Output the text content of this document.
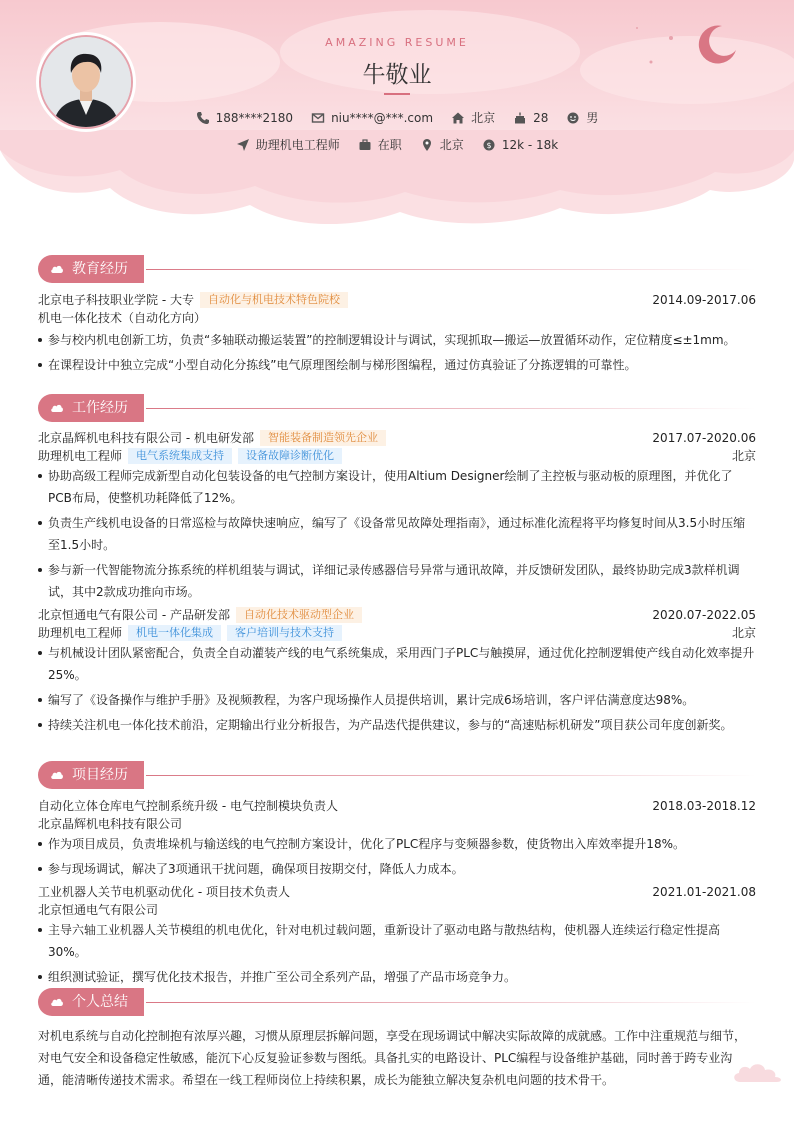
AMAZING RESUME
牛敬业
188****2180	niu****@***.com	北京	28	男
助理机电工程师	在职	北京	$ 12k - 18k
教育经历
北京电子科技职业学院 - 大专	自动化与机电技术特色院校	2014.09-2017.06
机电一体化技术（自动化方向）
参与校内机电创新工坊，负责“多轴联动搬运装置”的控制逻辑设计与调试，实现抓取—搬运—放置循环动作，定位精度≤±1mm。
在课程设计中独立完成“小型自动化分拣线”电气原理图绘制与梯形图编程，通过仿真验证了分拣逻辑的可靠性。
工作经历
北京晶辉机电科技有限公司 - 机电研发部	智能装备制造领先企业	2017.07-2020.06
助理机电工程师	电气系统集成支持	设备故障诊断优化	北京
协助高级工程师完成新型自动化包装设备的电气控制方案设计，使用Altium Designer绘制了主控板与驱动板的原理图，并优化了PCB布局，使整机功耗降低了12%。
负责生产线机电设备的日常巡检与故障快速响应，编写了《设备常见故障处理指南》，通过标准化流程将平均修复时间从3.5小时压缩至1.5小时。
参与新一代智能物流分拣系统的样机组装与调试，详细记录传感器信号异常与通讯故障，并反馈研发团队，最终协助完成3款样机调试，其中2款成功推向市场。
北京恒通电气有限公司 - 产品研发部	自动化技术驱动型企业	2020.07-2022.05
助理机电工程师	机电一体化集成	客户培训与技术支持	北京
与机械设计团队紧密配合，负责全自动灌装产线的电气系统集成，采用西门子PLC与触摸屏，通过优化控制逻辑使产线自动化效率提升25%。
编写了《设备操作与维护手册》及视频教程，为客户现场操作人员提供培训，累计完成6场培训，客户评估满意度达98%。
持续关注机电一体化技术前沿，定期输出行业分析报告，为产品迭代提供建议，参与的“高速贴标机研发”项目获公司年度创新奖。
项目经历
自动化立体仓库电气控制系统升级 - 电气控制模块负责人	2018.03-2018.12
北京晶辉机电科技有限公司
作为项目成员，负责堆垛机与输送线的电气控制方案设计，优化了PLC程序与变频器参数，使货物出入库效率提升18%。
参与现场调试，解决了3项通讯干扰问题，确保项目按期交付，降低人力成本。
工业机器人关节电机驱动优化 - 项目技术负责人	2021.01-2021.08
北京恒通电气有限公司
主导六轴工业机器人关节模组的机电优化，针对电机过载问题，重新设计了驱动电路与散热结构，使机器人连续运行稳定性提高30%。
组织测试验证，撰写优化技术报告，并推广至公司全系列产品，增强了产品市场竞争力。
个人总结
对机电系统与自动化控制抱有浓厚兴趣，习惯从原理层拆解问题，享受在现场调试中解决实际故障的成就感。工作中注重规范与细节，对电气安全和设备稳定性敏感，能沉下心反复验证参数与图纸。具备扎实的电路设计、PLC编程与设备维护基础，同时善于跨专业沟通，能清晰传递技术需求。希望在一线工程师岗位上持续积累，成长为能独立解决复杂机电问题的技术骨干。
